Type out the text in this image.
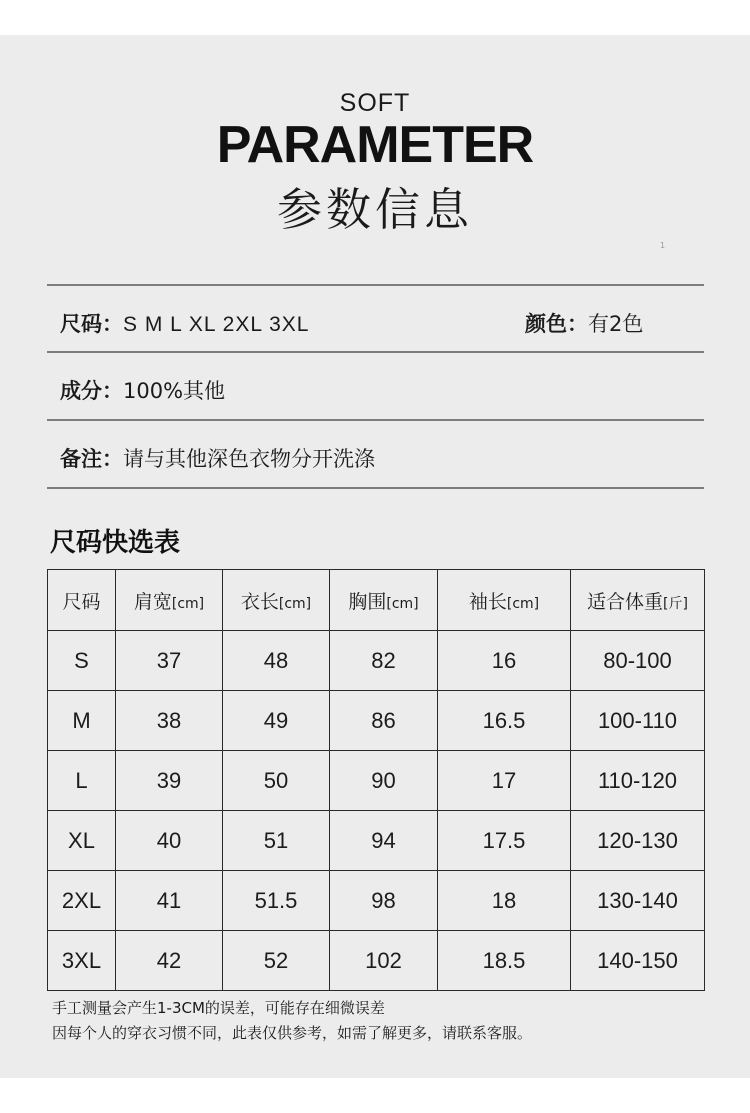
SOFT
PARAMETER
参数信息
1
尺码：S M L XL 2XL 3XL	颜色：有2色
成分：100%其他
备注：请与其他深色衣物分开洗涤
尺码快选表
尺码	肩宽[cm]	衣长[cm]	胸围[cm]	袖长[cm]	适合体重[斤]
S	37	48	82	16	80-100
M	38	49	86	16.5	100-110
L	39	50	90	17	110-120
XL	40	51	94	17.5	120-130
2XL	41	51.5	98	18	130-140
3XL	42	52	102	18.5	140-150
手工测量会产生1-3CM的误差，可能存在细微误差
因每个人的穿衣习惯不同，此表仅供参考，如需了解更多，请联系客服。
